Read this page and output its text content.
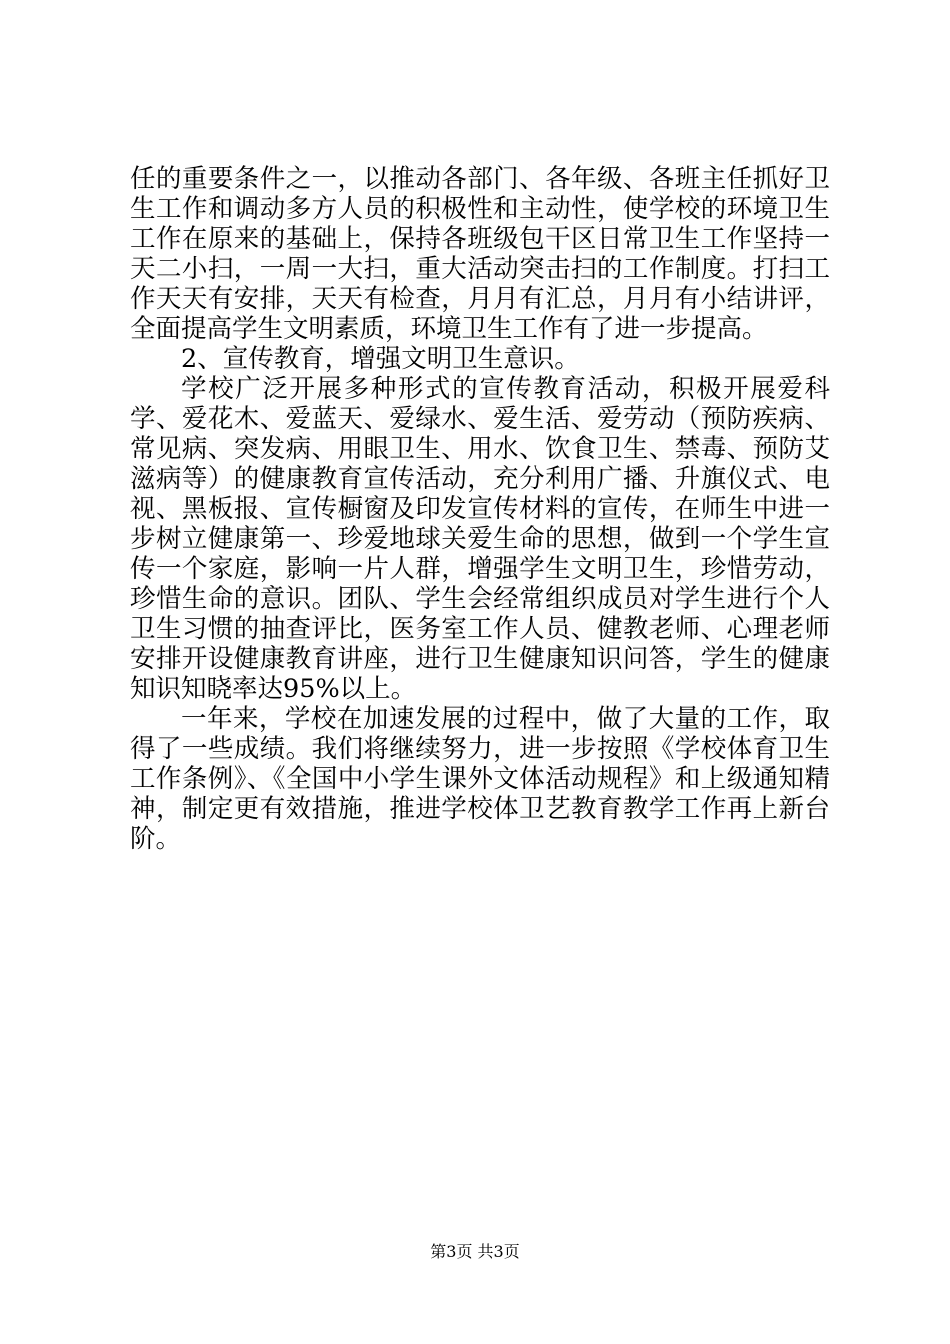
任的重要条件之一，以推动各部门、各年级、各班主任抓好卫生工作和调动多方人员的积极性和主动性，使学校的环境卫生工作在原来的基础上，保持各班级包干区日常卫生工作坚持一天二小扫，一周一大扫，重大活动突击扫的工作制度。打扫工作天天有安排，天天有检查，月月有汇总，月月有小结讲评，全面提高学生文明素质，环境卫生工作有了进一步提高。

2、宣传教育，增强文明卫生意识。

学校广泛开展多种形式的宣传教育活动，积极开展爱科学、爱花木、爱蓝天、爱绿水、爱生活、爱劳动（预防疾病、常见病、突发病、用眼卫生、用水、饮食卫生、禁毒、预防艾滋病等）的健康教育宣传活动，充分利用广播、升旗仪式、电视、黑板报、宣传橱窗及印发宣传材料的宣传，在师生中进一步树立健康第一、珍爱地球关爱生命的思想，做到一个学生宣传一个家庭，影响一片人群，增强学生文明卫生，珍惜劳动，珍惜生命的意识。团队、学生会经常组织成员对学生进行个人卫生习惯的抽查评比，医务室工作人员、健教老师、心理老师安排开设健康教育讲座，进行卫生健康知识问答，学生的健康知识知晓率达95%以上。

一年来，学校在加速发展的过程中，做了大量的工作，取得了一些成绩。我们将继续努力，进一步按照《学校体育卫生工作条例》、《全国中小学生课外文体活动规程》和上级通知精神，制定更有效措施，推进学校体卫艺教育教学工作再上新台阶。

第3页 共3页
